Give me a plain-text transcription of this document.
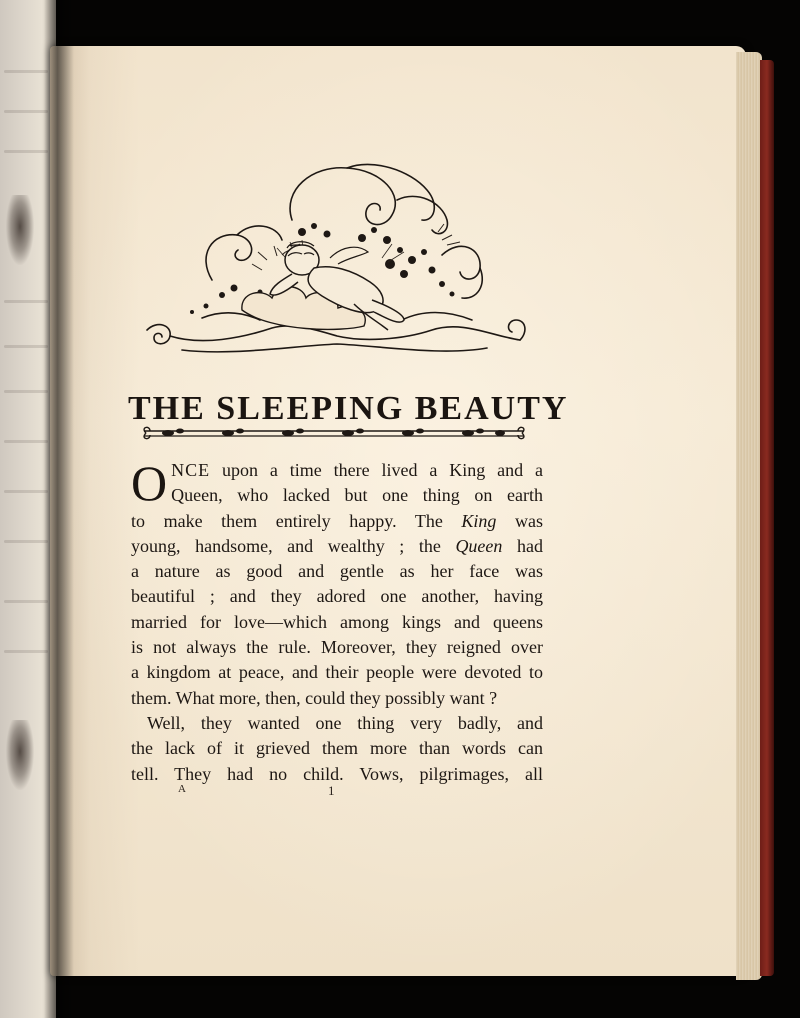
THE SLEEPING BEAUTY
ONCE upon a time there lived a King and a
Queen, who lacked but one thing on earth
to make them entirely happy. The King was
young, handsome, and wealthy ; the Queen had
a nature as good and gentle as her face was
beautiful ; and they adored one another, having
married for love—which among kings and queens
is not always the rule. Moreover, they reigned over
a kingdom at peace, and their people were devoted to
them. What more, then, could they possibly want ?
Well, they wanted one thing very badly, and
the lack of it grieved them more than words can
tell. They had no child. Vows, pilgrimages, all
A	1
